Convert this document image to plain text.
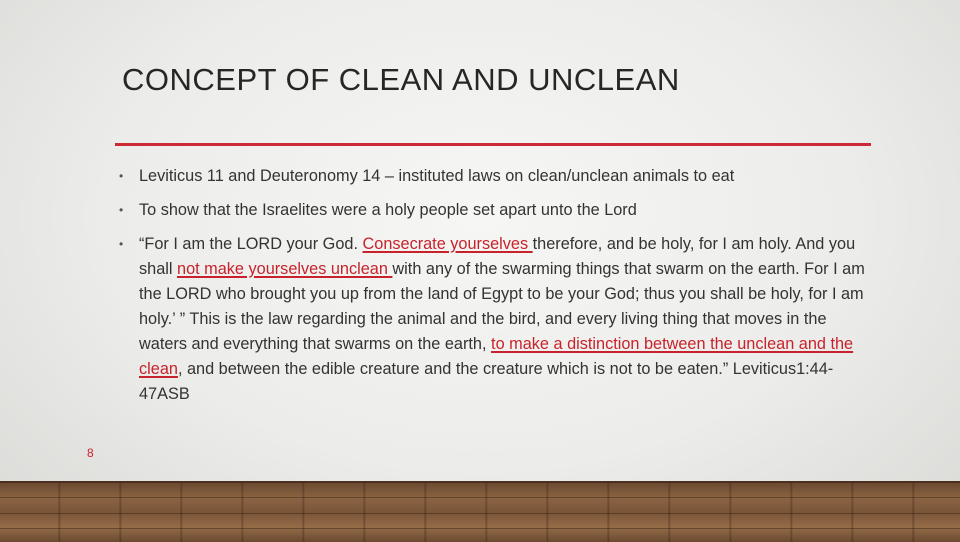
CONCEPT OF CLEAN AND UNCLEAN
• Leviticus 11 and Deuteronomy 14 – instituted laws on clean/unclean animals to eat
• To show that the Israelites were a holy people set apart unto the Lord
• “For I am the LORD your God. Consecrate yourselves therefore, and be holy, for I am holy. And you shall not make yourselves unclean with any of the swarming things that swarm on the earth. For I am the LORD who brought you up from the land of Egypt to be your God; thus you shall be holy, for I am holy.’ ” This is the law regarding the animal and the bird, and every living thing that moves in the waters and everything that swarms on the earth, to make a distinction between the unclean and the clean, and between the edible creature and the creature which is not to be eaten.” Leviticus1:44-47ASB
8
